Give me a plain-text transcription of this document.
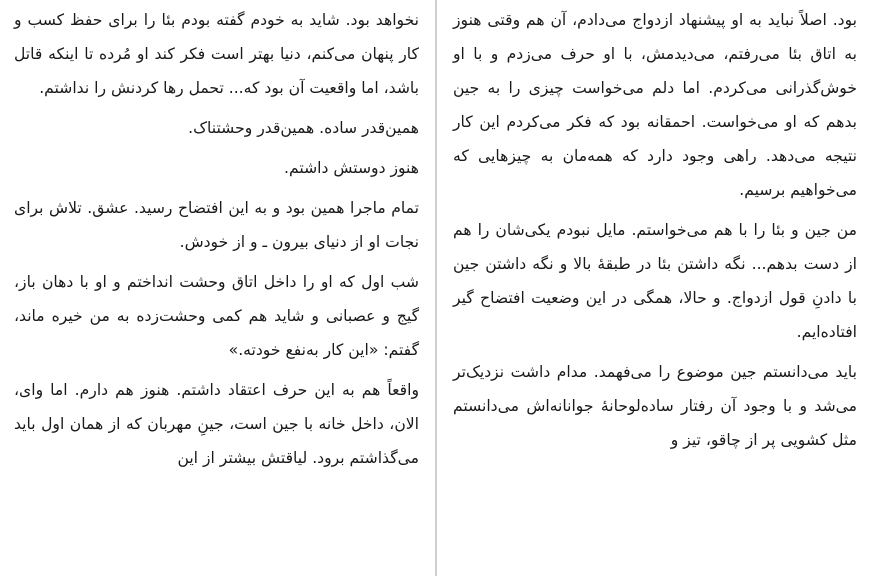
نخواهد بود. شاید به خودم گفته بودم بئا را برای حفظ کسب و کار پنهان می‌کنم، دنیا بهتر است فکر کند او مُرده تا اینکه قاتل باشد، اما واقعیت آن بود که... تحمل رها کردنش را نداشتم.

همین‌قدر ساده. همین‌قدر وحشتناک.

هنوز دوستش داشتم.

تمام ماجرا همین بود و به این افتضاح رسید. عشق. تلاش برای نجات او از دنیای بیرون ـ و از خودش.

شب اول که او را داخل اتاق وحشت انداختم و او با دهان باز، گیج و عصبانی و شاید هم کمی وحشت‌زده به من خیره ماند، گفتم: «این کار به‌نفع خودته.»

واقعاً هم به این حرف اعتقاد داشتم. هنوز هم دارم. اما وای، الان، داخل خانه با جین است، جینِ مهربان که از همان اول باید می‌گذاشتم برود. لیاقتش بیشتر از این

بود. اصلاً نباید به او پیشنهاد ازدواج می‌دادم، آن هم وقتی هنوز به اتاق بئا می‌رفتم، می‌دیدمش، با او حرف می‌زدم و با او خوش‌گذرانی می‌کردم. اما دلم می‌خواست چیزی را به جین بدهم که او می‌خواست. احمقانه بود که فکر می‌کردم این کار نتیجه می‌دهد. راهی وجود دارد که همه‌مان به چیزهایی که می‌خواهیم برسیم.

من جین و بئا را با هم می‌خواستم. مایل نبودم یکی‌شان را هم از دست بدهم... نگه داشتن بئا در طبقهٔ بالا و نگه داشتن جین با دادنِ قول ازدواج. و حالا، همگی در این وضعیت افتضاح گیر افتاده‌ایم.

باید می‌دانستم جین موضوع را می‌فهمد. مدام داشت نزدیک‌تر می‌شد و با وجود آن رفتار ساده‌لوحانهٔ جوانانه‌اش می‌دانستم مثل کشویی پر از چاقو، تیز و
